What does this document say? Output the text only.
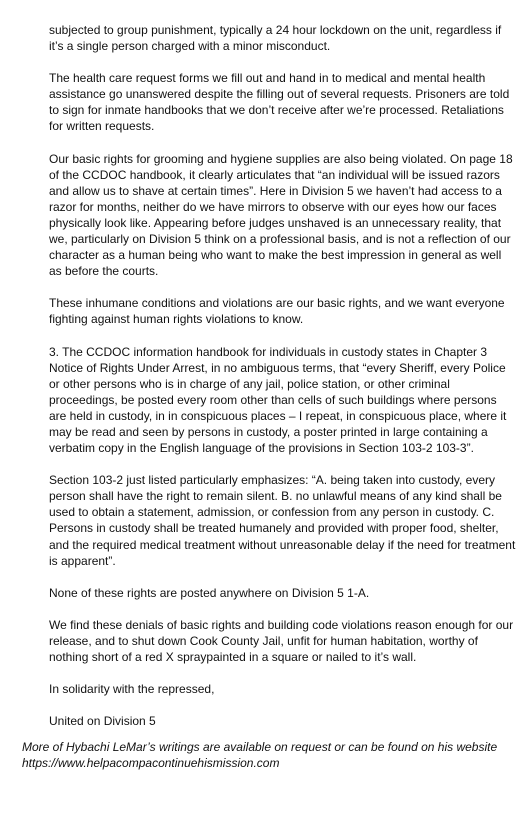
subjected to group punishment, typically a 24 hour lockdown on the unit, regardless if it’s a single person charged with a minor misconduct.

The health care request forms we fill out and hand in to medical and mental health assistance go unanswered despite the filling out of several requests. Prisoners are told to sign for inmate handbooks that we don’t receive after we’re processed. Retaliations for written requests.

Our basic rights for grooming and hygiene supplies are also being violated. On page 18 of the CCDOC handbook, it clearly articulates that “an individual will be issued razors and allow us to shave at certain times”. Here in Division 5 we haven’t had access to a razor for months, neither do we have mirrors to observe with our eyes how our faces physically look like. Appearing before judges unshaved is an unnecessary reality, that we, particularly on Division 5 think on a professional basis, and is not a reflection of our character as a human being who want to make the best impression in general as well as before the courts.

These inhumane conditions and violations are our basic rights, and we want everyone fighting against human rights violations to know.

3. The CCDOC information handbook for individuals in custody states in Chapter 3 Notice of Rights Under Arrest, in no ambiguous terms, that “every Sheriff, every Police or other persons who is in charge of any jail, police station, or other criminal proceedings, be posted every room other than cells of such buildings where persons are held in custody, in in conspicuous places – I repeat, in conspicuous place, where it may be read and seen by persons in custody, a poster printed in large containing a verbatim copy in the English language of the provisions in Section 103-2 103-3”.

Section 103-2 just listed particularly emphasizes: “A. being taken into custody, every person shall have the right to remain silent. B. no unlawful means of any kind shall be used to obtain a statement, admission, or confession from any person in custody. C. Persons in custody shall be treated humanely and provided with proper food, shelter, and the required medical treatment without unreasonable delay if the need for treatment is apparent”.

None of these rights are posted anywhere on Division 5 1-A.

We find these denials of basic rights and building code violations reason enough for our release, and to shut down Cook County Jail, unfit for human habitation, worthy of nothing short of a red X spraypainted in a square or nailed to it’s wall.

In solidarity with the repressed,

United on Division 5

More of Hybachi LeMar’s writings are available on request or can be found on his website

https://www.helpacompacontinuehismission.com
